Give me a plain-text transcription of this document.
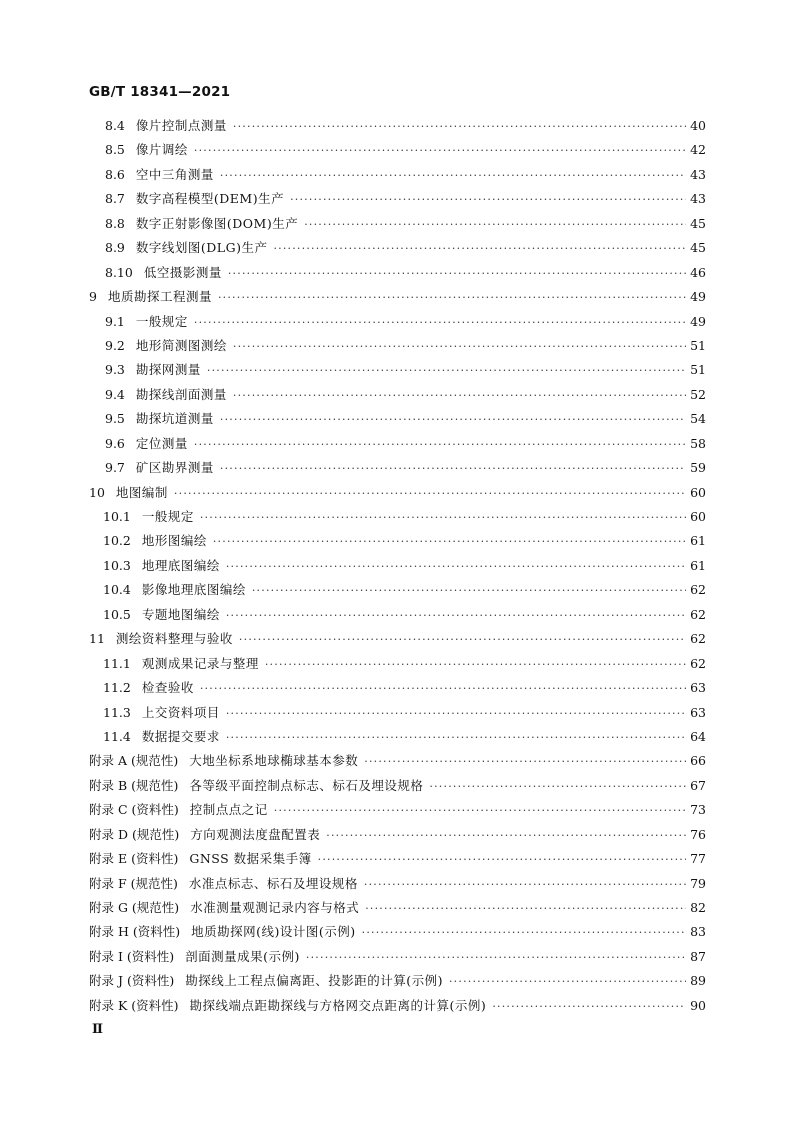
GB/T 18341—2021
8.4 像片控制点测量 ·····	40
8.5 像片调绘 ·····	42
8.6 空中三角测量 ·····	43
8.7 数字高程模型(DEM)生产 ·····	43
8.8 数字正射影像图(DOM)生产 ·····	45
8.9 数字线划图(DLG)生产 ·····	45
8.10 低空摄影测量 ·····	46
9 地质勘探工程测量 ·····	49
9.1 一般规定 ·····	49
9.2 地形简测图测绘 ·····	51
9.3 勘探网测量 ·····	51
9.4 勘探线剖面测量 ·····	52
9.5 勘探坑道测量 ·····	54
9.6 定位测量 ·····	58
9.7 矿区勘界测量 ·····	59
10 地图编制 ·····	60
10.1 一般规定 ·····	60
10.2 地形图编绘 ·····	61
10.3 地理底图编绘 ·····	61
10.4 影像地理底图编绘 ·····	62
10.5 专题地图编绘 ·····	62
11 测绘资料整理与验收 ·····	62
11.1 观测成果记录与整理 ·····	62
11.2 检查验收 ·····	63
11.3 上交资料项目 ·····	63
11.4 数据提交要求 ·····	64
附录 A (规范性) 大地坐标系地球椭球基本参数 ·····	66
附录 B (规范性) 各等级平面控制点标志、标石及埋设规格 ·····	67
附录 C (资料性) 控制点点之记 ·····	73
附录 D (规范性) 方向观测法度盘配置表 ·····	76
附录 E (资料性) GNSS 数据采集手簿 ·····	77
附录 F (规范性) 水准点标志、标石及埋设规格 ·····	79
附录 G (规范性) 水准测量观测记录内容与格式 ·····	82
附录 H (资料性) 地质勘探网(线)设计图(示例) ·····	83
附录 I (资料性) 剖面测量成果(示例) ·····	87
附录 J (资料性) 勘探线上工程点偏离距、投影距的计算(示例) ·····	89
附录 K (资料性) 勘探线端点距勘探线与方格网交点距离的计算(示例) ·····	90
Ⅱ
